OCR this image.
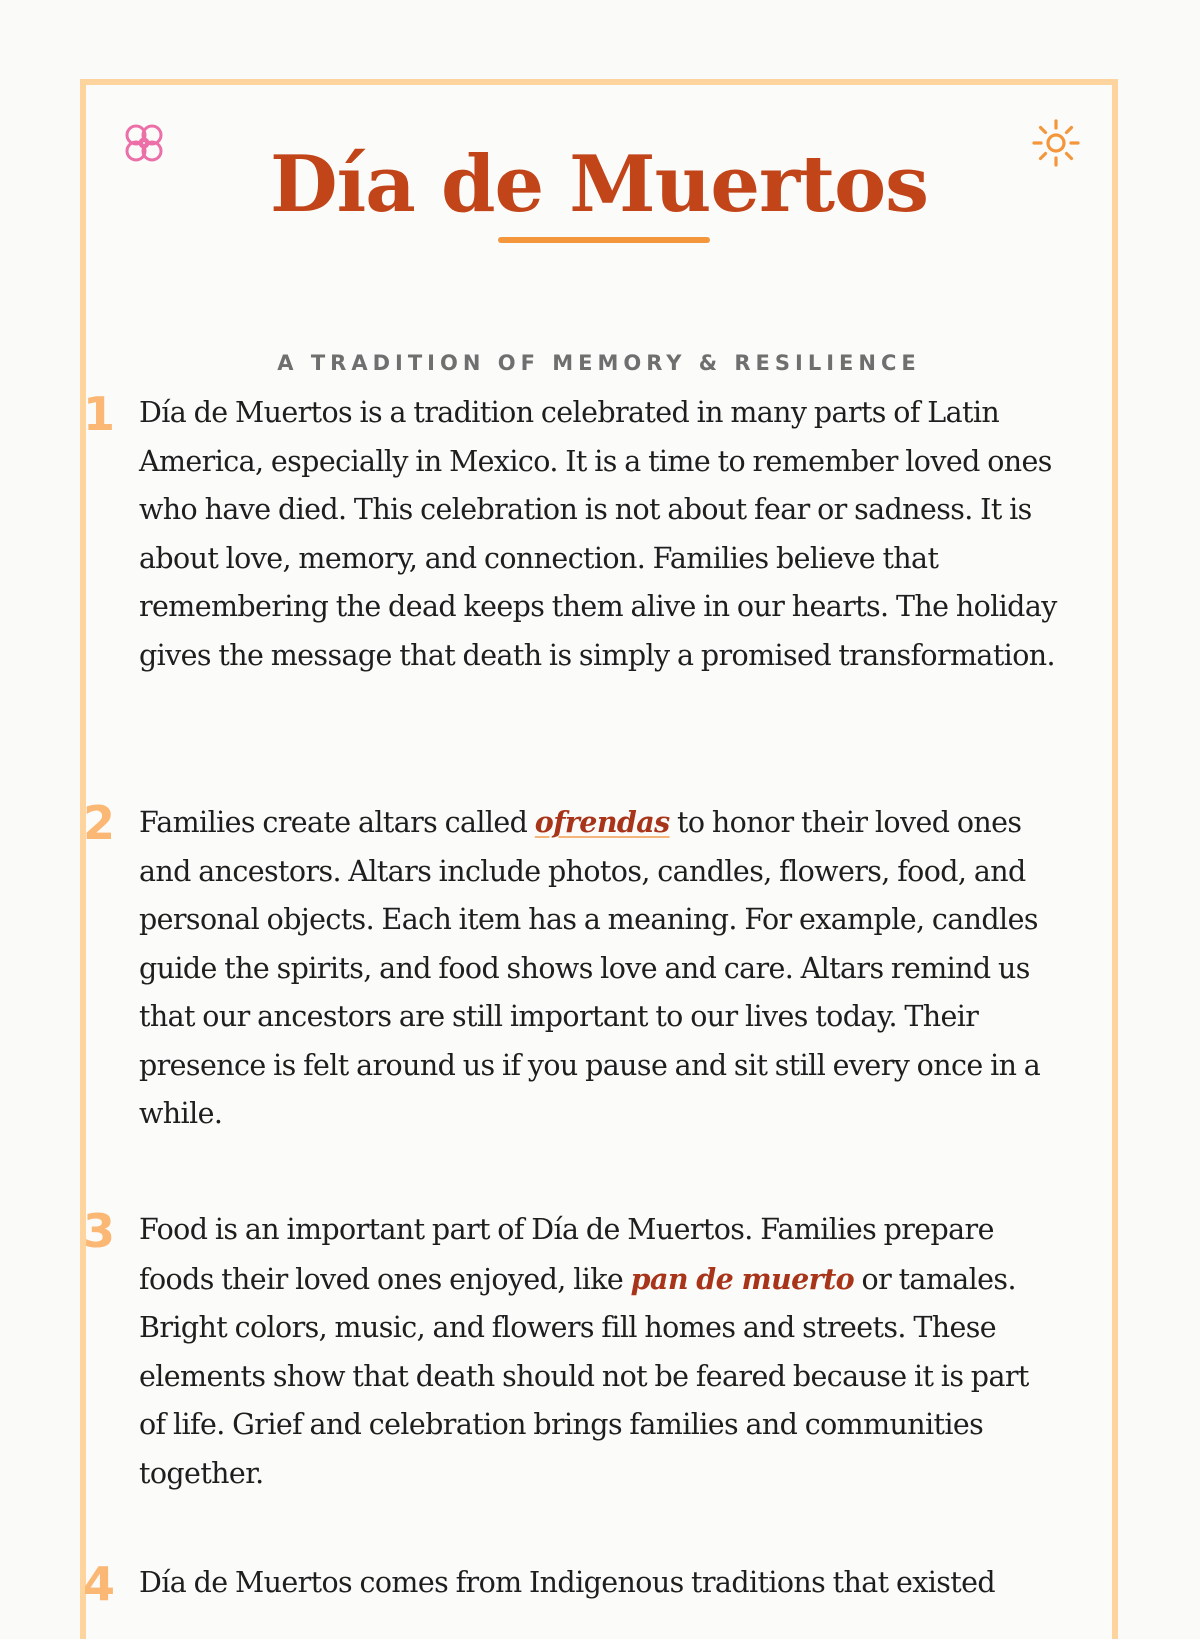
Día de Muertos

A TRADITION OF MEMORY & RESILIENCE

1 Día de Muertos is a tradition celebrated in many parts of Latin America, especially in Mexico. It is a time to remember loved ones who have died. This celebration is not about fear or sadness. It is about love, memory, and connection. Families believe that remembering the dead keeps them alive in our hearts. The holiday gives the message that death is simply a promised transformation.

2 Families create altars called ofrendas to honor their loved ones and ancestors. Altars include photos, candles, flowers, food, and personal objects. Each item has a meaning. For example, candles guide the spirits, and food shows love and care. Altars remind us that our ancestors are still important to our lives today. Their presence is felt around us if you pause and sit still every once in a while.

3 Food is an important part of Día de Muertos. Families prepare foods their loved ones enjoyed, like pan de muerto or tamales. Bright colors, music, and flowers fill homes and streets. These elements show that death should not be feared because it is part of life. Grief and celebration brings families and communities together.

4 Día de Muertos comes from Indigenous traditions that existed
